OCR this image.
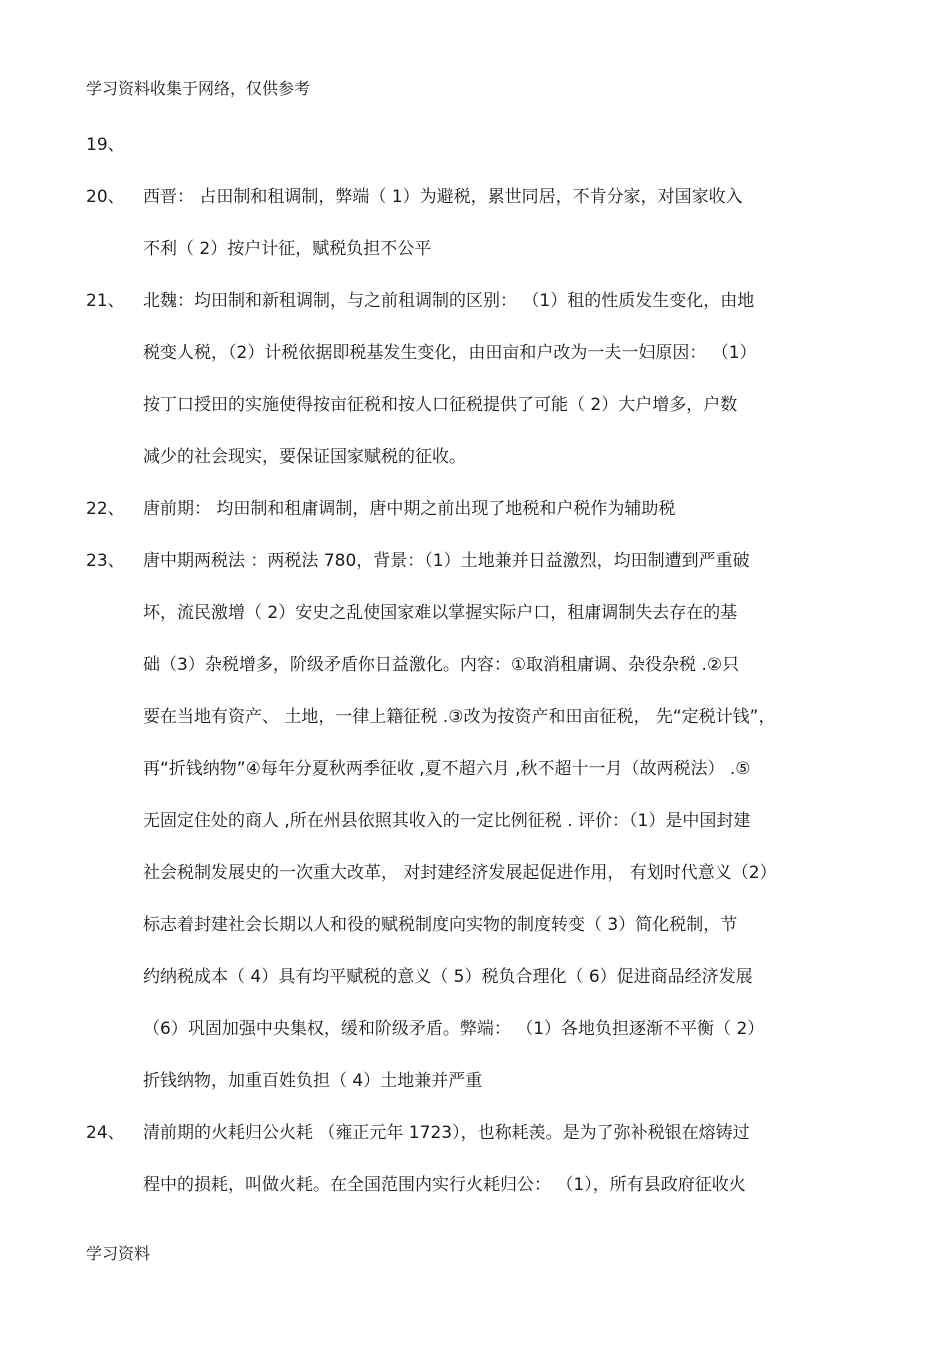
学习资料收集于网络，仅供参考
19、
20、 西晋： 占田制和租调制，弊端（ 1）为避税，累世同居，不肯分家，对国家收入
不利（ 2）按户计征，赋税负担不公平
21、 北魏：均田制和新租调制，与之前租调制的区别： （1）租的性质发生变化，由地
税变人税，（2）计税依据即税基发生变化，由田亩和户改为一夫一妇原因： （1）
按丁口授田的实施使得按亩征税和按人口征税提供了可能（ 2）大户增多，户数
减少的社会现实，要保证国家赋税的征收。
22、 唐前期： 均田制和租庸调制，唐中期之前出现了地税和户税作为辅助税
23、 唐中期两税法 ：两税法 780，背景：（1）土地兼并日益激烈，均田制遭到严重破
坏，流民激增（ 2）安史之乱使国家难以掌握实际户口，租庸调制失去存在的基
础（3）杂税增多，阶级矛盾你日益激化。内容：①取消租庸调、杂役杂税 .②只
要在当地有资产、 土地，一律上籍征税 .③改为按资产和田亩征税， 先“定税计钱”，
再“折钱纳物”④每年分夏秋两季征收 ,夏不超六月 ,秋不超十一月（故两税法） .⑤
无固定住处的商人 ,所在州县依照其收入的一定比例征税 . 评价：（1）是中国封建
社会税制发展史的一次重大改革， 对封建经济发展起促进作用， 有划时代意义（2）
标志着封建社会长期以人和役的赋税制度向实物的制度转变（ 3）简化税制，节
约纳税成本（ 4）具有均平赋税的意义（ 5）税负合理化（ 6）促进商品经济发展
（6）巩固加强中央集权，缓和阶级矛盾。弊端： （1）各地负担逐渐不平衡（ 2）
折钱纳物，加重百姓负担（ 4）土地兼并严重
24、 清前期的火耗归公火耗 （雍正元年 1723），也称耗羡。是为了弥补税银在熔铸过
程中的损耗，叫做火耗。在全国范围内实行火耗归公： （1），所有县政府征收火
学习资料
